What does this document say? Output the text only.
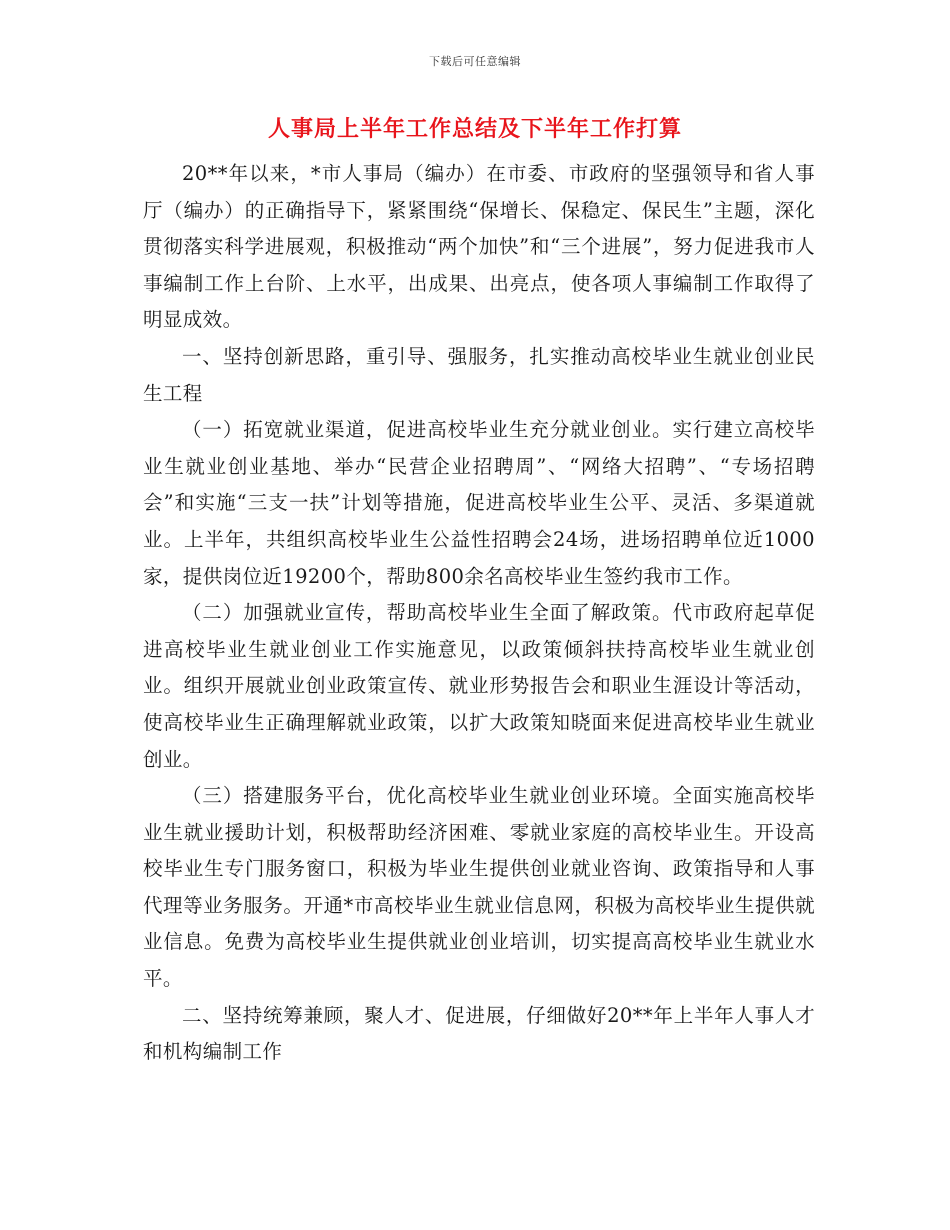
下载后可任意编辑
人事局上半年工作总结及下半年工作打算

20**年以来，*市人事局（编办）在市委、市政府的坚强领导和省人事厅（编办）的正确指导下，紧紧围绕“保增长、保稳定、保民生”主题，深化贯彻落实科学进展观，积极推动“两个加快”和“三个进展”，努力促进我市人事编制工作上台阶、上水平，出成果、出亮点，使各项人事编制工作取得了明显成效。

一、坚持创新思路，重引导、强服务，扎实推动高校毕业生就业创业民生工程

（一）拓宽就业渠道，促进高校毕业生充分就业创业。实行建立高校毕业生就业创业基地、举办“民营企业招聘周”、“网络大招聘”、“专场招聘会”和实施“三支一扶”计划等措施，促进高校毕业生公平、灵活、多渠道就业。上半年，共组织高校毕业生公益性招聘会24场，进场招聘单位近1000家，提供岗位近19200个，帮助800余名高校毕业生签约我市工作。

（二）加强就业宣传，帮助高校毕业生全面了解政策。代市政府起草促进高校毕业生就业创业工作实施意见，以政策倾斜扶持高校毕业生就业创业。组织开展就业创业政策宣传、就业形势报告会和职业生涯设计等活动，使高校毕业生正确理解就业政策，以扩大政策知晓面来促进高校毕业生就业创业。

（三）搭建服务平台，优化高校毕业生就业创业环境。全面实施高校毕业生就业援助计划，积极帮助经济困难、零就业家庭的高校毕业生。开设高校毕业生专门服务窗口，积极为毕业生提供创业就业咨询、政策指导和人事代理等业务服务。开通*市高校毕业生就业信息网，积极为高校毕业生提供就业信息。免费为高校毕业生提供就业创业培训，切实提高高校毕业生就业水平。

二、坚持统筹兼顾，聚人才、促进展，仔细做好20**年上半年人事人才和机构编制工作
